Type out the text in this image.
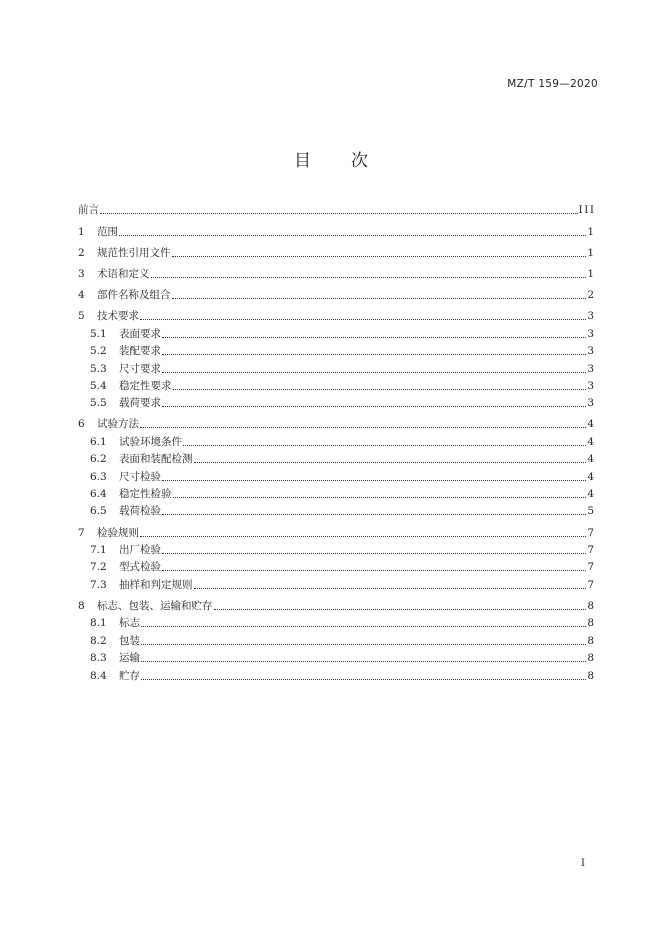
MZ/T 159—2020
目 次
前言	III
1	范围	1
2	规范性引用文件	1
3	术语和定义	1
4	部件名称及组合	2
5	技术要求	3
5.1	表面要求	3
5.2	装配要求	3
5.3	尺寸要求	3
5.4	稳定性要求	3
5.5	载荷要求	3
6	试验方法	4
6.1	试验环境条件	4
6.2	表面和装配检测	4
6.3	尺寸检验	4
6.4	稳定性检验	4
6.5	载荷检验	5
7	检验规则	7
7.1	出厂检验	7
7.2	型式检验	7
7.3	抽样和判定规则	7
8	标志、包装、运输和贮存	8
8.1	标志	8
8.2	包装	8
8.3	运输	8
8.4	贮存	8
I
